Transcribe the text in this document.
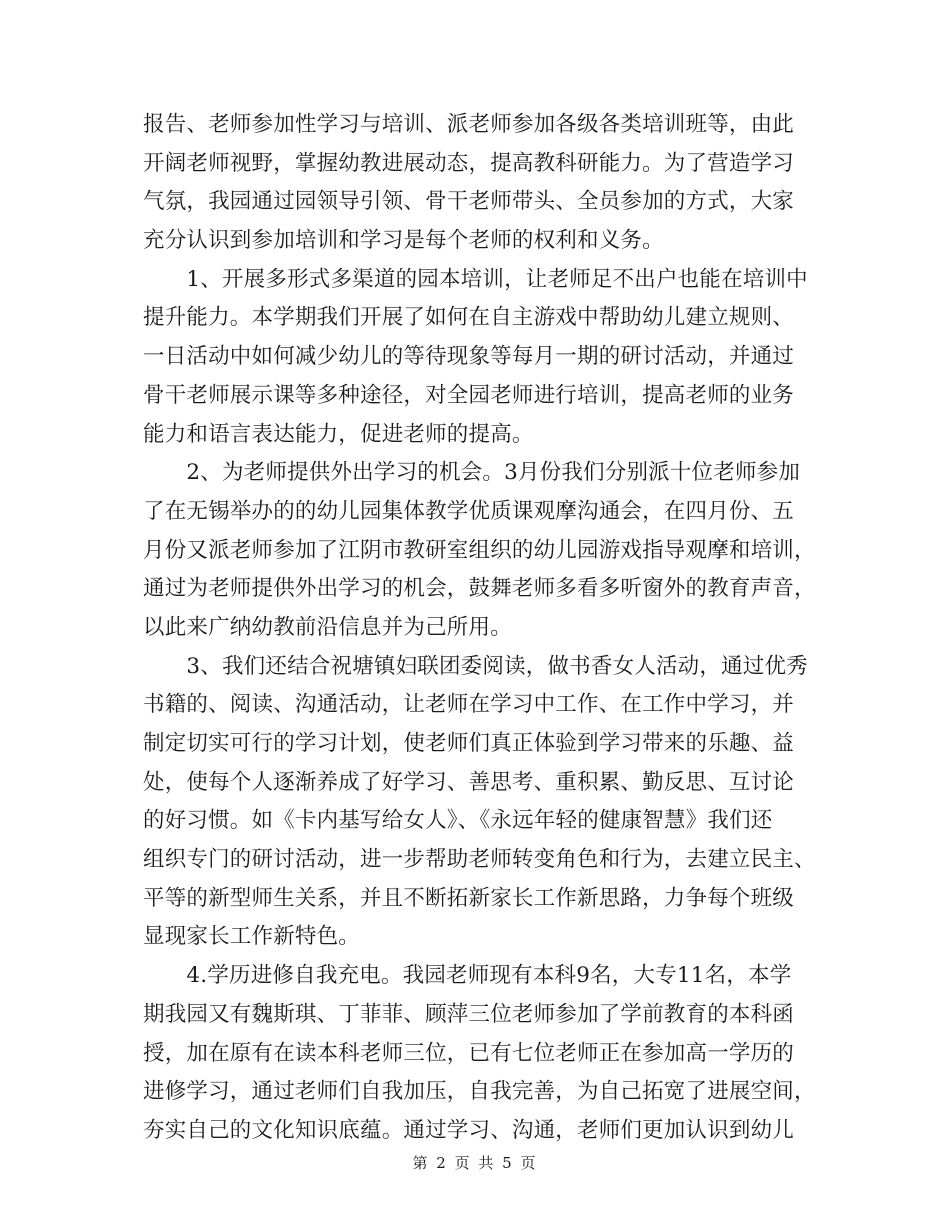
报告、老师参加性学习与培训、派老师参加各级各类培训班等，由此
开阔老师视野，掌握幼教进展动态，提高教科研能力。为了营造学习
气氛，我园通过园领导引领、骨干老师带头、全员参加的方式，大家
充分认识到参加培训和学习是每个老师的权利和义务。
　　1、开展多形式多渠道的园本培训，让老师足不出户也能在培训中
提升能力。本学期我们开展了如何在自主游戏中帮助幼儿建立规则、
一日活动中如何减少幼儿的等待现象等每月一期的研讨活动，并通过
骨干老师展示课等多种途径，对全园老师进行培训，提高老师的业务
能力和语言表达能力，促进老师的提高。
　　2、为老师提供外出学习的机会。3月份我们分别派十位老师参加
了在无锡举办的的幼儿园集体教学优质课观摩沟通会，在四月份、五
月份又派老师参加了江阴市教研室组织的幼儿园游戏指导观摩和培训，
通过为老师提供外出学习的机会，鼓舞老师多看多听窗外的教育声音，
以此来广纳幼教前沿信息并为己所用。
　　3、我们还结合祝塘镇妇联团委阅读，做书香女人活动，通过优秀
书籍的、阅读、沟通活动，让老师在学习中工作、在工作中学习，并
制定切实可行的学习计划，使老师们真正体验到学习带来的乐趣、益
处，使每个人逐渐养成了好学习、善思考、重积累、勤反思、互讨论
的好习惯。如《卡内基写给女人》、《永远年轻的健康智慧》我们还
组织专门的研讨活动，进一步帮助老师转变角色和行为，去建立民主、
平等的新型师生关系，并且不断拓新家长工作新思路，力争每个班级
显现家长工作新特色。
　　4.学历进修自我充电。我园老师现有本科9名，大专11名，本学
期我园又有魏斯琪、丁菲菲、顾萍三位老师参加了学前教育的本科函
授，加在原有在读本科老师三位，已有七位老师正在参加高一学历的
进修学习，通过老师们自我加压，自我完善，为自己拓宽了进展空间，
夯实自己的文化知识底蕴。通过学习、沟通，老师们更加认识到幼儿
第 2 页 共 5 页
